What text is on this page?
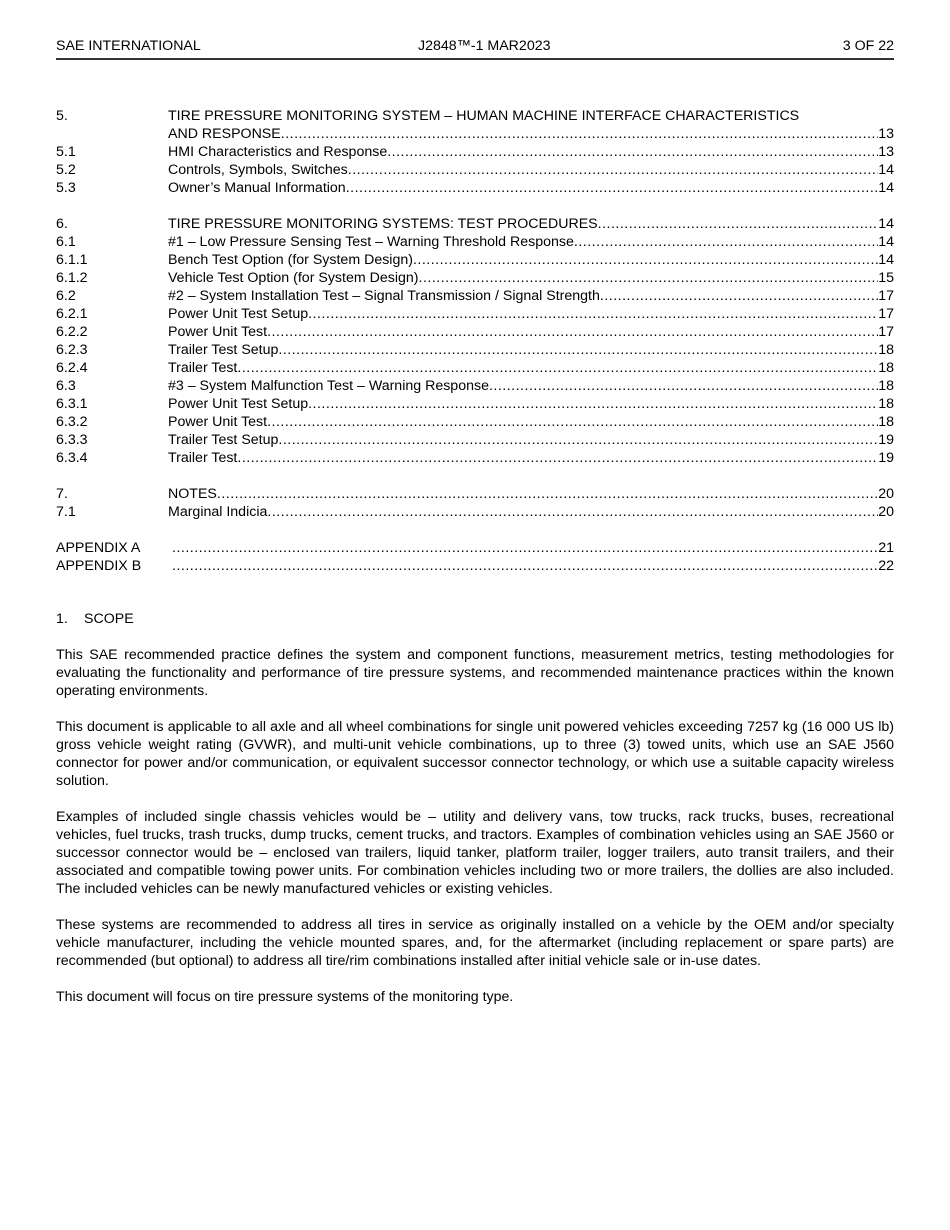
SAE INTERNATIONAL	J2848™-1 MAR2023	3 OF 22
5.	TIRE PRESSURE MONITORING SYSTEM – HUMAN MACHINE INTERFACE CHARACTERISTICS
AND RESPONSE .....	13
5.1	HMI Characteristics and Response .....	13
5.2	Controls, Symbols, Switches .....	14
5.3	Owner’s Manual Information .....	14
6.	TIRE PRESSURE MONITORING SYSTEMS: TEST PROCEDURES .....	14
6.1	#1 – Low Pressure Sensing Test – Warning Threshold Response .....	14
6.1.1	Bench Test Option (for System Design) .....	14
6.1.2	Vehicle Test Option (for System Design) .....	15
6.2	#2 – System Installation Test – Signal Transmission / Signal Strength .....	17
6.2.1	Power Unit Test Setup .....	17
6.2.2	Power Unit Test .....	17
6.2.3	Trailer Test Setup .....	18
6.2.4	Trailer Test .....	18
6.3	#3 – System Malfunction Test – Warning Response .....	18
6.3.1	Power Unit Test Setup .....	18
6.3.2	Power Unit Test .....	18
6.3.3	Trailer Test Setup .....	19
6.3.4	Trailer Test .....	19
7.	NOTES .....	20
7.1	Marginal Indicia .....	20
APPENDIX A .....	21
APPENDIX B .....	22
1. SCOPE

This SAE recommended practice defines the system and component functions, measurement metrics, testing methodologies for evaluating the functionality and performance of tire pressure systems, and recommended maintenance practices within the known operating environments.

This document is applicable to all axle and all wheel combinations for single unit powered vehicles exceeding 7257 kg (16 000 US lb) gross vehicle weight rating (GVWR), and multi-unit vehicle combinations, up to three (3) towed units, which use an SAE J560 connector for power and/or communication, or equivalent successor connector technology, or which use a suitable capacity wireless solution.

Examples of included single chassis vehicles would be – utility and delivery vans, tow trucks, rack trucks, buses, recreational vehicles, fuel trucks, trash trucks, dump trucks, cement trucks, and tractors. Examples of combination vehicles using an SAE J560 or successor connector would be – enclosed van trailers, liquid tanker, platform trailer, logger trailers, auto transit trailers, and their associated and compatible towing power units. For combination vehicles including two or more trailers, the dollies are also included. The included vehicles can be newly manufactured vehicles or existing vehicles.

These systems are recommended to address all tires in service as originally installed on a vehicle by the OEM and/or specialty vehicle manufacturer, including the vehicle mounted spares, and, for the aftermarket (including replacement or spare parts) are recommended (but optional) to address all tire/rim combinations installed after initial vehicle sale or in-use dates.

This document will focus on tire pressure systems of the monitoring type.
